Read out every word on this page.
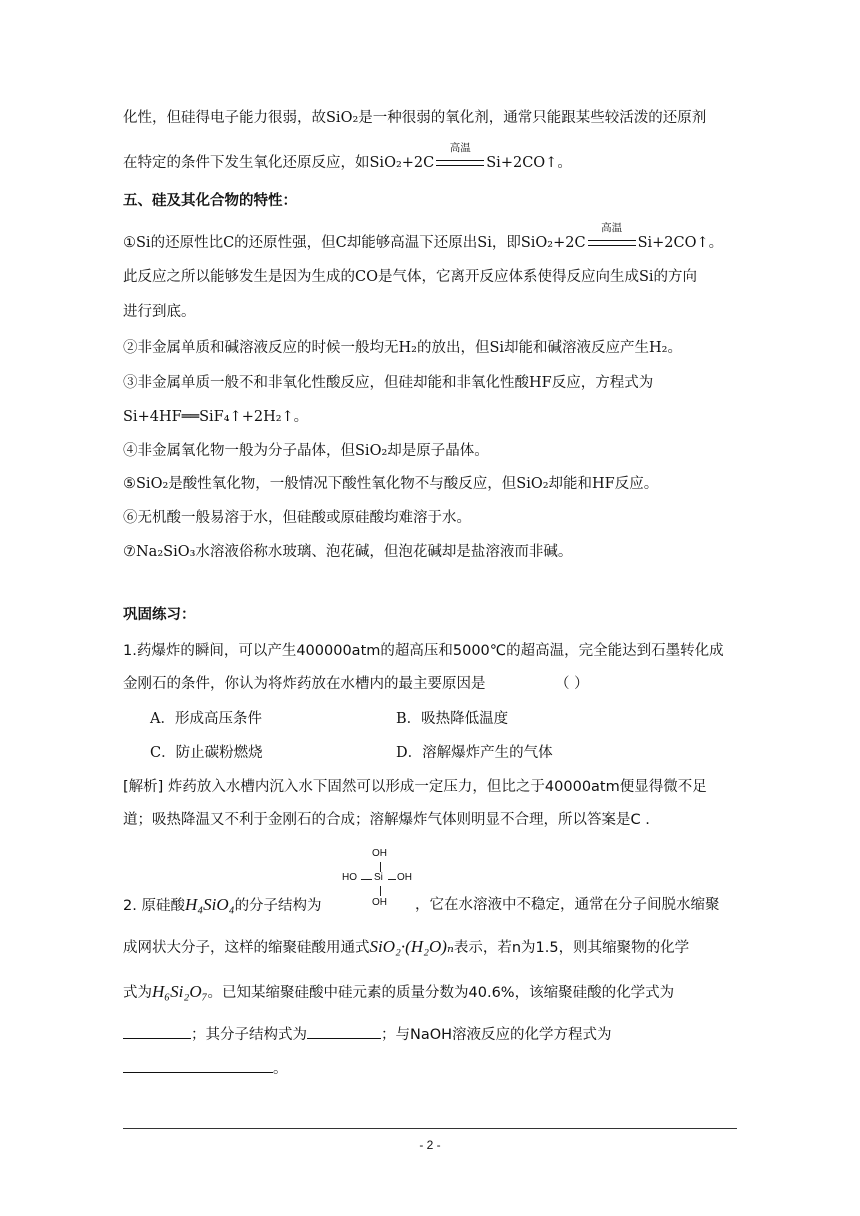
化性，但硅得电子能力很弱，故SiO₂是一种很弱的氧化剂，通常只能跟某些较活泼的还原剂
在特定的条件下发生氧化还原反应，如SiO₂+2C
高温
Si+2CO↑。
五、硅及其化合物的特性：
①Si的还原性比C的还原性强，但C却能够高温下还原出Si，即SiO₂+2C
高温
Si+2CO↑。
此反应之所以能够发生是因为生成的CO是气体，它离开反应体系使得反应向生成Si的方向
进行到底。
②非金属单质和碱溶液反应的时候一般均无H₂的放出，但Si却能和碱溶液反应产生H₂。
③非金属单质一般不和非氧化性酸反应，但硅却能和非氧化性酸HF反应，方程式为
Si+4HF══SiF₄↑+2H₂↑。
④非金属氧化物一般为分子晶体，但SiO₂却是原子晶体。
⑤SiO₂是酸性氧化物，一般情况下酸性氧化物不与酸反应，但SiO₂却能和HF反应。
⑥无机酸一般易溶于水，但硅酸或原硅酸均难溶于水。
⑦Na₂SiO₃水溶液俗称水玻璃、泡花碱，但泡花碱却是盐溶液而非碱。
巩固练习：
1.药爆炸的瞬间，可以产生400000atm的超高压和5000℃的超高温，完全能达到石墨转化成
金刚石的条件，你认为将炸药放在水槽内的最主要原因是	（ ）
A．形成高压条件	B．吸热降低温度
C．防止碳粉燃烧	D．溶解爆炸产生的气体
[解析] 炸药放入水槽内沉入水下固然可以形成一定压力，但比之于40000atm便显得微不足
道；吸热降温又不利于金刚石的合成；溶解爆炸气体则明显不合理，所以答案是C .
OH
HO Si OH
OH
2. 原硅酸H₄SiO₄的分子结构为	，它在水溶液中不稳定，通常在分子间脱水缩聚
成网状大分子，这样的缩聚硅酸用通式SiO₂·(H₂O)ₙ表示，若n为1.5，则其缩聚物的化学
式为H₆Si₂O₇。已知某缩聚硅酸中硅元素的质量分数为40.6%，该缩聚硅酸的化学式为
；其分子结构式为	；与NaOH溶液反应的化学方程式为
。
- 2 -
